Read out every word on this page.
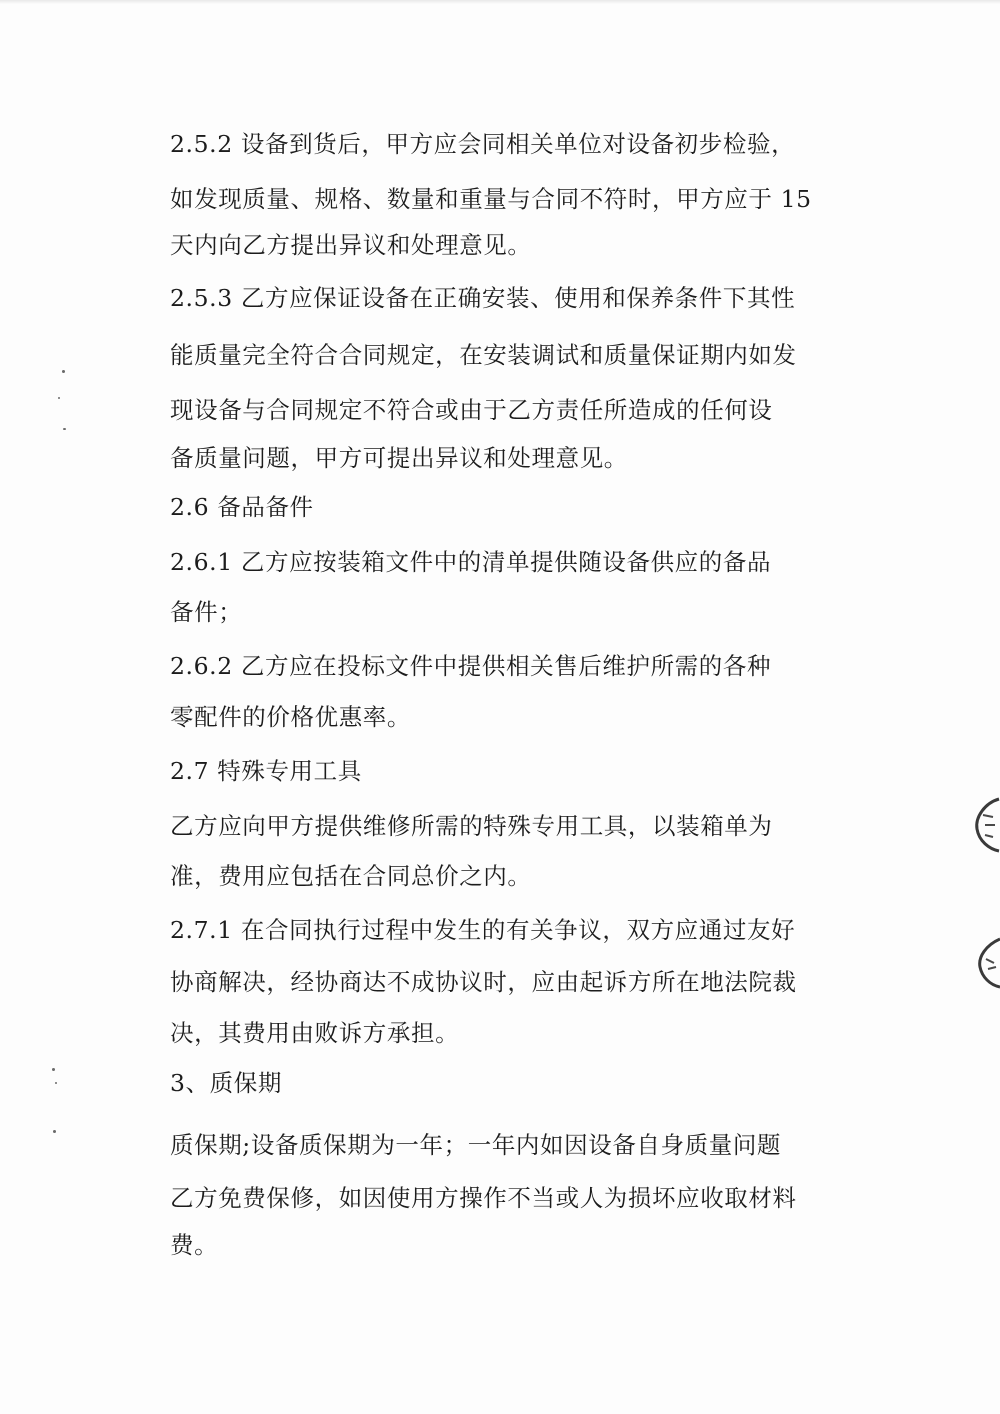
2.5.2 设备到货后，甲方应会同相关单位对设备初步检验，
如发现质量、规格、数量和重量与合同不符时，甲方应于 15
天内向乙方提出异议和处理意见。
2.5.3 乙方应保证设备在正确安装、使用和保养条件下其性
能质量完全符合合同规定，在安装调试和质量保证期内如发
现设备与合同规定不符合或由于乙方责任所造成的任何设
备质量问题，甲方可提出异议和处理意见。
2.6 备品备件
2.6.1 乙方应按装箱文件中的清单提供随设备供应的备品
备件；
2.6.2 乙方应在投标文件中提供相关售后维护所需的各种
零配件的价格优惠率。
2.7 特殊专用工具
乙方应向甲方提供维修所需的特殊专用工具，以装箱单为
准，费用应包括在合同总价之内。
2.7.1 在合同执行过程中发生的有关争议，双方应通过友好
协商解决，经协商达不成协议时，应由起诉方所在地法院裁
决，其费用由败诉方承担。
3、质保期
质保期;设备质保期为一年；一年内如因设备自身质量问题
乙方免费保修，如因使用方操作不当或人为损坏应收取材料
费。
